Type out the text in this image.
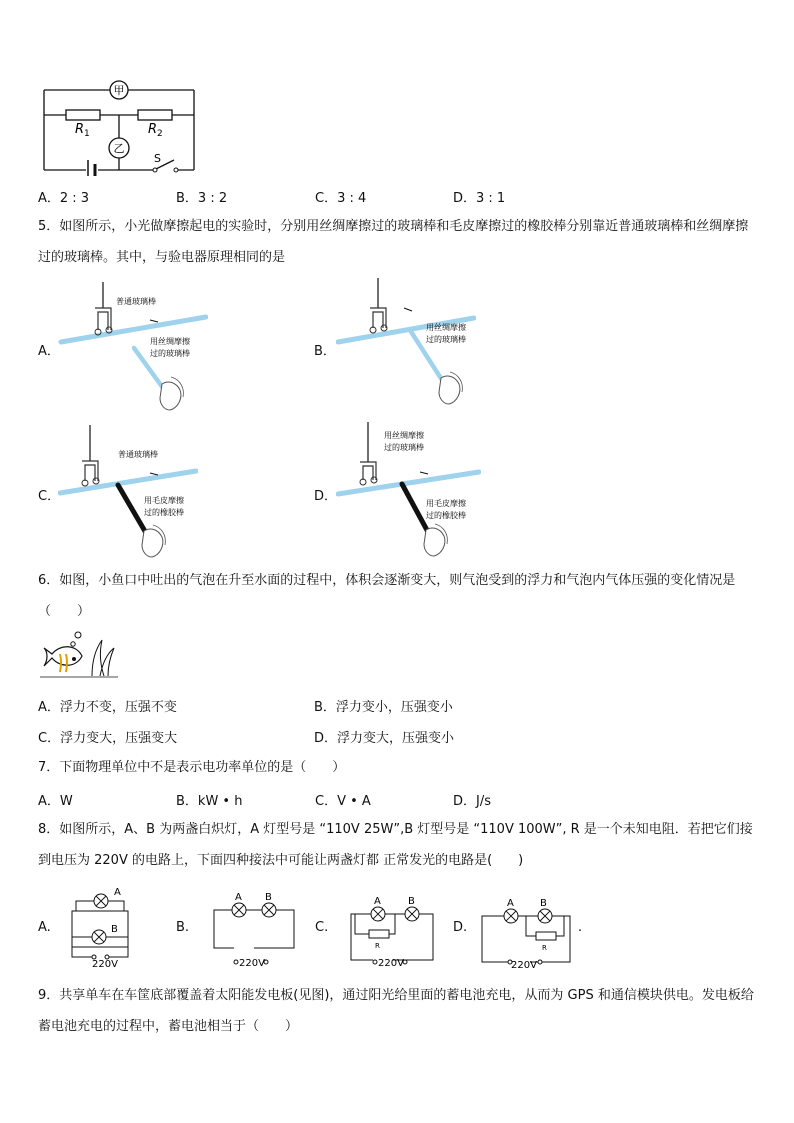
甲
乙
R 1	R 2
S
A．2 : 3	B．3 : 2	C．3 : 4	D．3 : 1
5．如图所示，小光做摩擦起电的实验时，分别用丝绸摩擦过的玻璃棒和毛皮摩擦过的橡胶棒分别靠近普通玻璃棒和丝绸摩擦过的玻璃棒。其中，与验电器原理相同的是
A．
普通玻璃棒
用丝绸摩擦
过的玻璃棒	B．
用丝绸摩擦
过的玻璃棒
C．
普通玻璃棒
用毛皮摩擦
过的橡胶棒
D．
用丝绸摩擦
过的玻璃棒
用毛皮摩擦
过的橡胶棒
6．如图，小鱼口中吐出的气泡在升至水面的过程中，体积会逐渐变大，则气泡受到的浮力和气泡内气体压强的变化情况是（　　）
A．浮力不变，压强不变	B．浮力变小，压强变小
C．浮力变大，压强变大	D．浮力变大，压强变小
7．下面物理单位中不是表示电功率单位的是（　　）
A．W	B．kW • h	C．V • A	D．J/s
8．如图所示，A、B 为两盏白炽灯，A 灯型号是 “110V 25W”,B 灯型号是 “110V 100W”, R 是一个未知电阻．若把它们接到电压为 220V 的电路上，下面四种接法中可能让两盏灯都 正常发光的电路是(　　)
A.
A
B
220V
B.
A B
220V
C.
A	B
R
220V
D.
A	B
R
220V
.
9．共享单车在车筐底部覆盖着太阳能发电板(见图)，通过阳光给里面的蓄电池充电，从而为 GPS 和通信模块供电。发电板给蓄电池充电的过程中，蓄电池相当于（　　）
